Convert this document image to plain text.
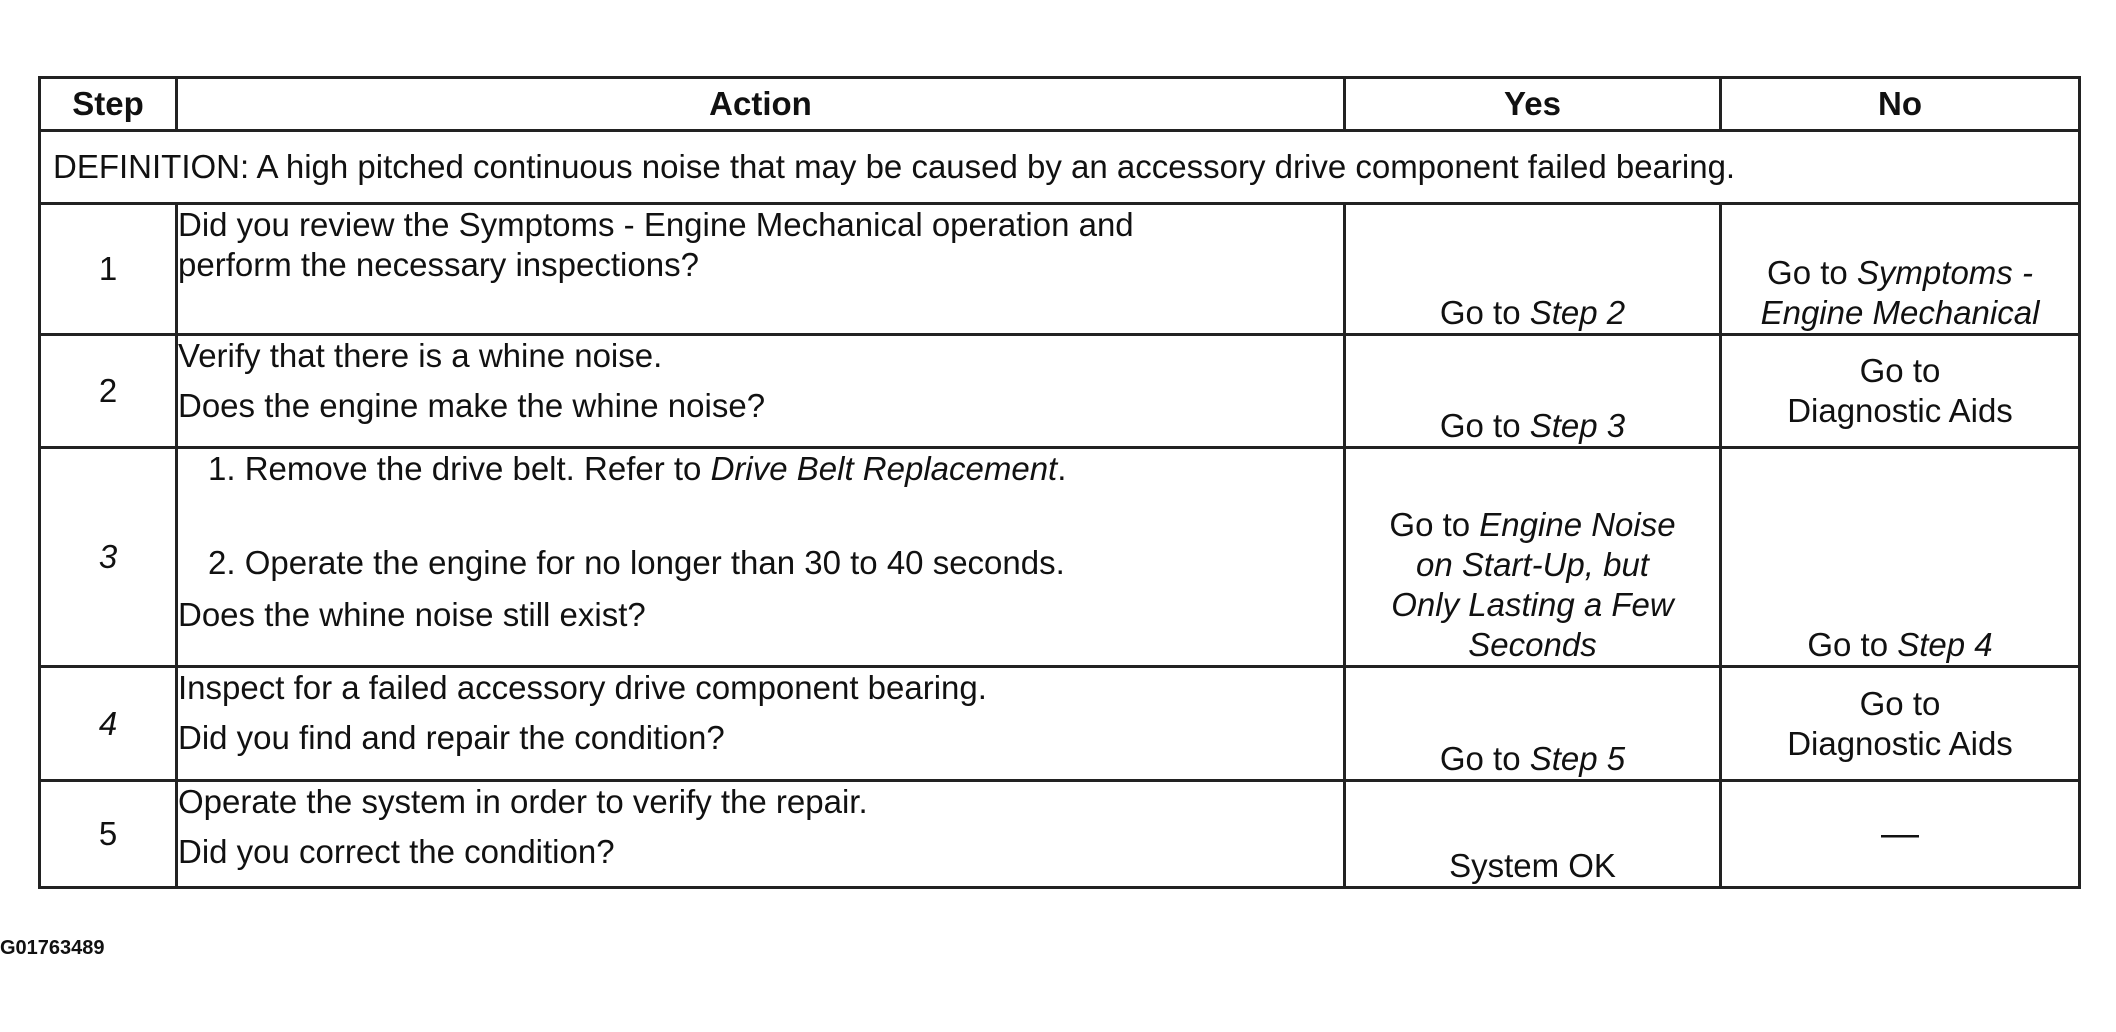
Step	Action	Yes	No
DEFINITION: A high pitched continuous noise that may be caused by an accessory drive component failed bearing.			
1	Did you review the Symptoms - Engine Mechanical operation and
perform the necessary inspections?	Go to Step 2	Go to Symptoms -
Engine Mechanical

2	Verify that there is a whine noise.
Does the engine make the whine noise?	Go to Step 3	Go to
Diagnostic Aids

3	1. Remove the drive belt. Refer to Drive Belt Replacement.
2. Operate the engine for no longer than 30 to 40 seconds.
Does the whine noise still exist?	Go to Engine Noise
on Start-Up, but
Only Lasting a Few
Seconds	Go to Step 4
4	Inspect for a failed accessory drive component bearing.
Did you find and repair the condition?	Go to Step 5	Go to
Diagnostic Aids

5	Operate the system in order to verify the repair.
Did you correct the condition?	System OK	—
G01763489
